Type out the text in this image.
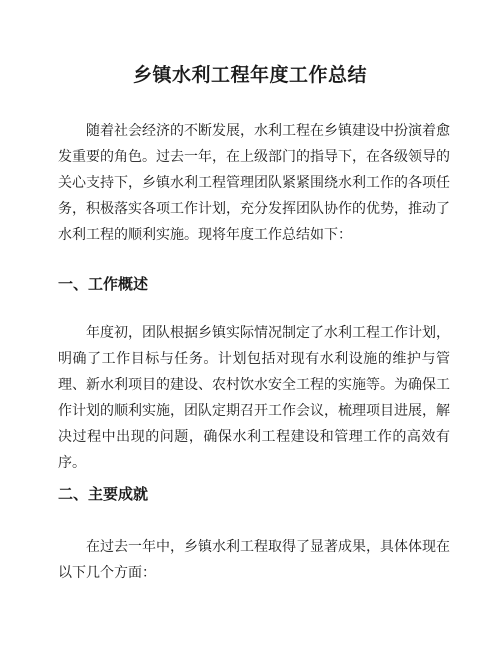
乡镇水利工程年度工作总结

随着社会经济的不断发展，水利工程在乡镇建设中扮演着愈发重要的角色。过去一年，在上级部门的指导下，在各级领导的关心支持下，乡镇水利工程管理团队紧紧围绕水利工作的各项任务，积极落实各项工作计划，充分发挥团队协作的优势，推动了水利工程的顺利实施。现将年度工作总结如下：

一、工作概述

年度初，团队根据乡镇实际情况制定了水利工程工作计划，明确了工作目标与任务。计划包括对现有水利设施的维护与管理、新水利项目的建设、农村饮水安全工程的实施等。为确保工作计划的顺利实施，团队定期召开工作会议，梳理项目进展，解决过程中出现的问题，确保水利工程建设和管理工作的高效有序。

二、主要成就

在过去一年中，乡镇水利工程取得了显著成果，具体体现在以下几个方面：
